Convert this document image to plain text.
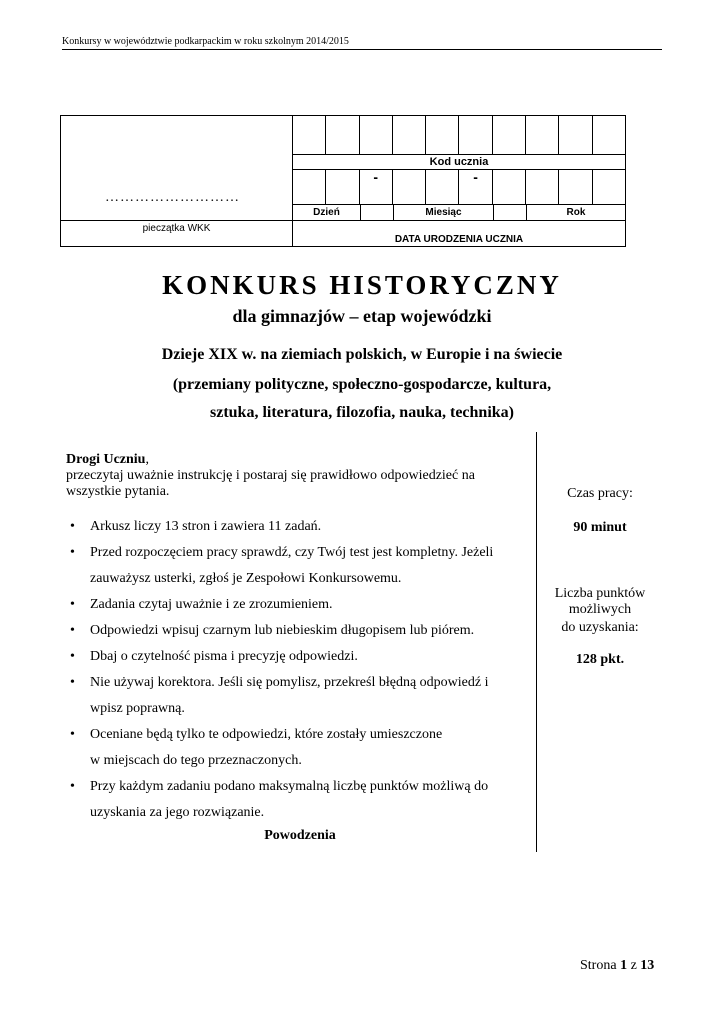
Konkursy w województwie podkarpackim w roku szkolnym 2014/2015
………………………
pieczątka WKK
Kod ucznia
-	-
Dzień	Miesiąc	Rok
DATA URODZENIA UCZNIA
KONKURS HISTORYCZNY
dla gimnazjów – etap wojewódzki
Dzieje XIX w. na ziemiach polskich, w Europie i na świecie
(przemiany polityczne, społeczno-gospodarcze, kultura,
sztuka, literatura, filozofia, nauka, technika)
Drogi Uczniu,
przeczytaj uważnie instrukcję i postaraj się prawidłowo odpowiedzieć na wszystkie pytania.
• Arkusz liczy 13 stron i zawiera 11 zadań.
• Przed rozpoczęciem pracy sprawdź, czy Twój test jest kompletny. Jeżeli
zauważysz usterki, zgłoś je Zespołowi Konkursowemu.
• Zadania czytaj uważnie i ze zrozumieniem.
• Odpowiedzi wpisuj czarnym lub niebieskim długopisem lub piórem.
• Dbaj o czytelność pisma i precyzję odpowiedzi.
• Nie używaj korektora. Jeśli się pomylisz, przekreśl błędną odpowiedź i
wpisz poprawną.
• Oceniane będą tylko te odpowiedzi, które zostały umieszczone
w miejscach do tego przeznaczonych.
• Przy każdym zadaniu podano maksymalną liczbę punktów możliwą do
uzyskania za jego rozwiązanie.
Powodzenia
Czas pracy:
90 minut
Liczba punktów
możliwych
do uzyskania:
128 pkt.
Strona 1 z 13
